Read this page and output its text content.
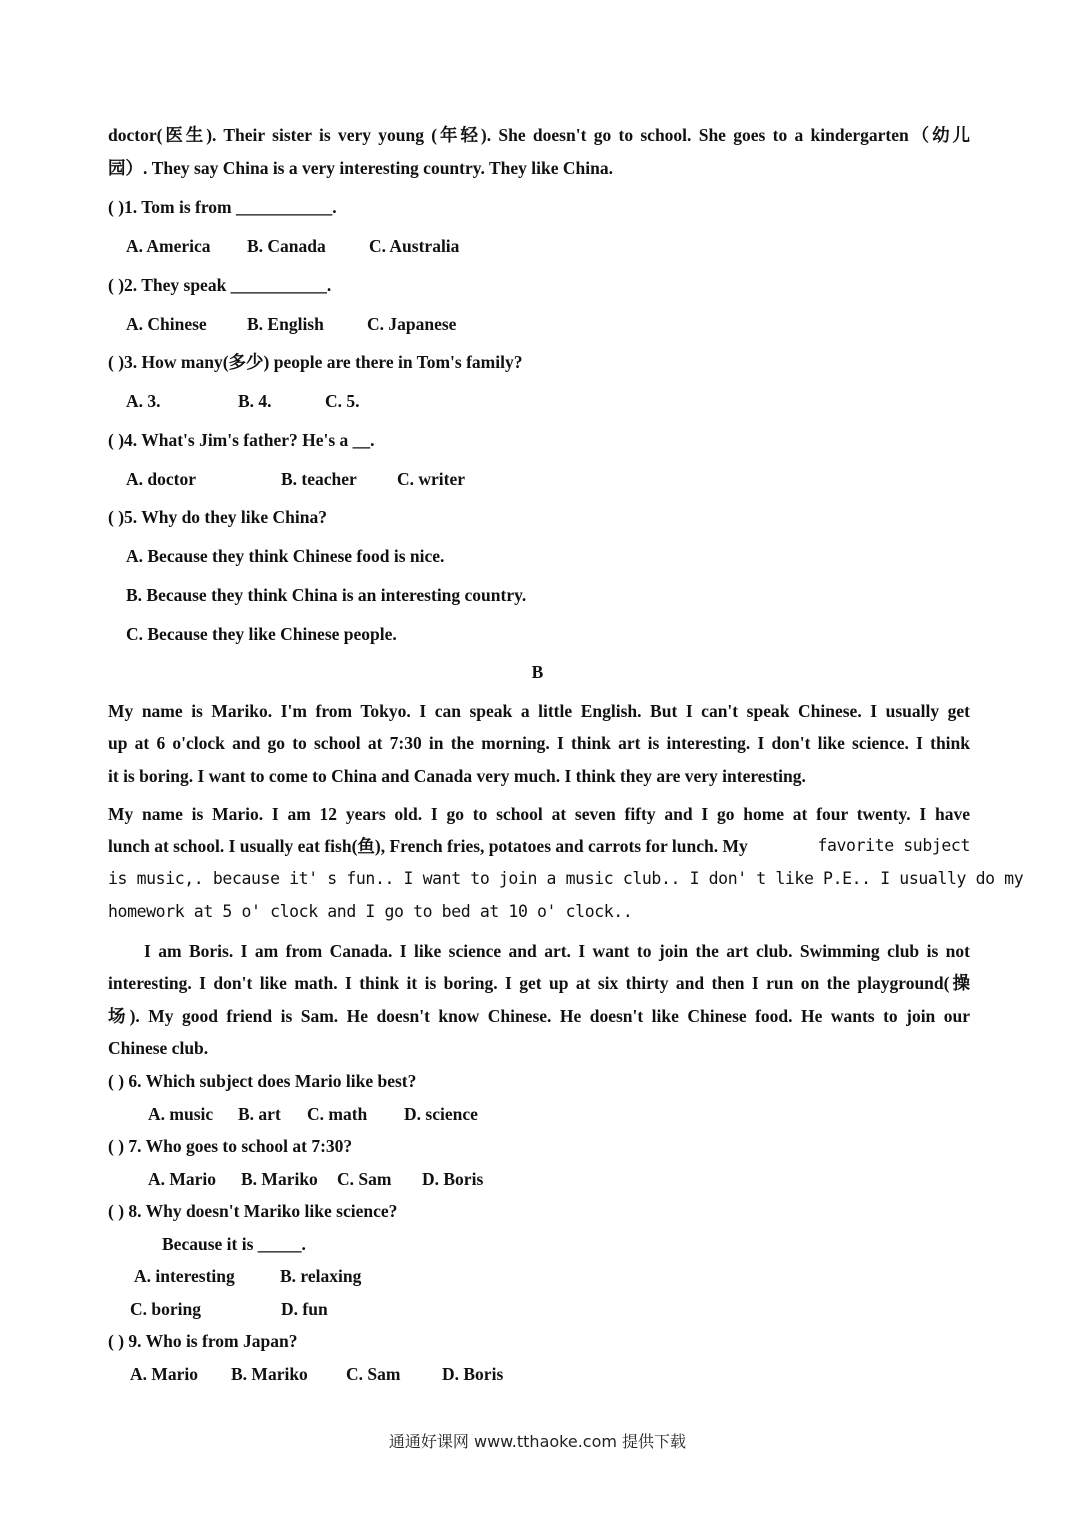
doctor(医生). Their sister is very young (年轻). She doesn't go to school. She goes to a kindergarten（幼儿
园）. They say China is a very interesting country. They like China.
( )1. Tom is from ___________.
A. America B. Canada C. Australia
( )2. They speak ___________.
A. Chinese B. English C. Japanese
( )3. How many(多少) people are there in Tom's family?
A. 3.	B. 4.	C. 5.
( )4. What's Jim's father? He's a __.
A. doctor	B. teacher C. writer
( )5. Why do they like China?
A. Because they think Chinese food is nice.
B. Because they think China is an interesting country.
C. Because they like Chinese people.
B
My name is Mariko. I'm from Tokyo. I can speak a little English. But I can't speak Chinese. I usually get
up at 6 o'clock and go to school at 7:30 in the morning. I think art is interesting. I don't like science. I think
it is boring. I want to come to China and Canada very much. I think they are very interesting.
My name is Mario. I am 12 years old. I go to school at seven fifty and I go home at four twenty. I have
lunch at school. I usually eat fish(鱼), French fries, potatoes and carrots for lunch. My	favorite subject
is music,. because it' s fun.. I want to join a music club.. I don' t like P.E.. I usually do my
homework at 5 o' clock and I go to bed at 10 o' clock..
I am Boris. I am from Canada. I like science and art. I want to join the art club. Swimming club is not
interesting. I don't like math. I think it is boring. I get up at six thirty and then I run on the playground(操
场). My good friend is Sam. He doesn't know Chinese. He doesn't like Chinese food. He wants to join our
Chinese club.
( ) 6. Which subject does Mario like best?
A. music B. art C. math D. science
( ) 7. Who goes to school at 7:30?
A. Mario B. Mariko C. Sam D. Boris
( ) 8. Why doesn't Mariko like science?
Because it is _____.
A. interesting	B. relaxing
C. boring	D. fun
( ) 9. Who is from Japan?
A. Mario B. Mariko C. Sam D. Boris
通通好课网 www.tthaoke.com 提供下载
